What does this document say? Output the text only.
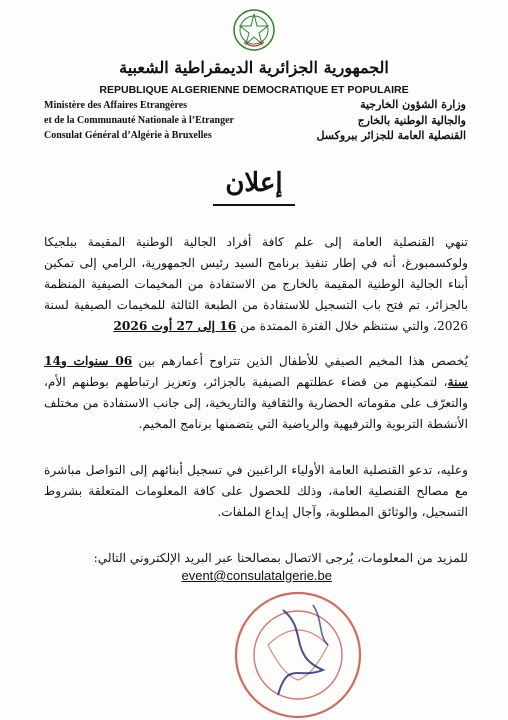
الجمهورية الجزائرية الديمقراطية الشعبية
REPUBLIQUE ALGERIENNE DEMOCRATIQUE ET POPULAIRE
Ministère des Affaires Etrangères
et de la Communauté Nationale à l’Etranger
Consulat Général d’Algérie à Bruxelles
وزارة الشؤون الخارجية
والجالية الوطنية بالخارج
القنصلية العامة للجزائر ببروكسل
إعلان
تنهي القنصلية العامة إلى علم كافة أفراد الجالية الوطنية المقيمة ببلجيكا ولوكسمبورغ، أنه في إطار تنفيذ برنامج السيد رئيس الجمهورية، الرامي إلى تمكين أبناء الجالية الوطنية المقيمة بالخارج من الاستفادة من المخيمات الصيفية المنظمة بالجزائر، تم فتح باب التسجيل للاستفادة من الطبعة الثالثة للمخيمات الصيفية لسنة 2026، والتي ستنظم خلال الفترة الممتدة من 16 إلى 27 أوت 2026
يُخصص هذا المخيم الصيفي للأطفال الذين تتراوح أعمارهم بين 06 سنوات و14 سنة، لتمكينهم من قضاء عطلتهم الصيفية بالجزائر، وتعزيز ارتباطهم بوطنهم الأم، والتعرّف على مقوماته الحضارية والثقافية والتاريخية، إلى جانب الاستفادة من مختلف الأنشطة التربوية والترفيهية والرياضية التي يتضمنها برنامج المخيم.
وعليه، تدعو القنصلية العامة الأولياء الراغبين في تسجيل أبنائهم إلى التواصل مباشرة مع مصالح القنصلية العامة، وذلك للحصول على كافة المعلومات المتعلقة بشروط التسجيل، والوثائق المطلوبة، وآجال إيداع الملفات.
للمزيد من المعلومات، يُرجى الاتصال بمصالحنا عبر البريد الإلكتروني التالي:
event@consulatalgerie.be
